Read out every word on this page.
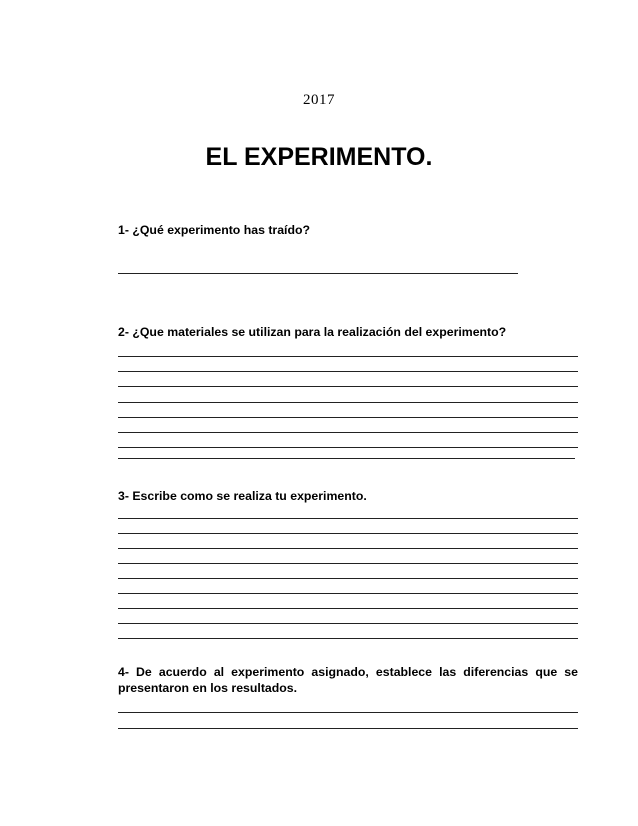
2017
EL EXPERIMENTO.
1- ¿Qué experimento has traído?
2- ¿Que materiales se utilizan para la realización del experimento?
3- Escribe como se realiza tu experimento.
4- De acuerdo al experimento asignado, establece las diferencias que se presentaron en los resultados.
